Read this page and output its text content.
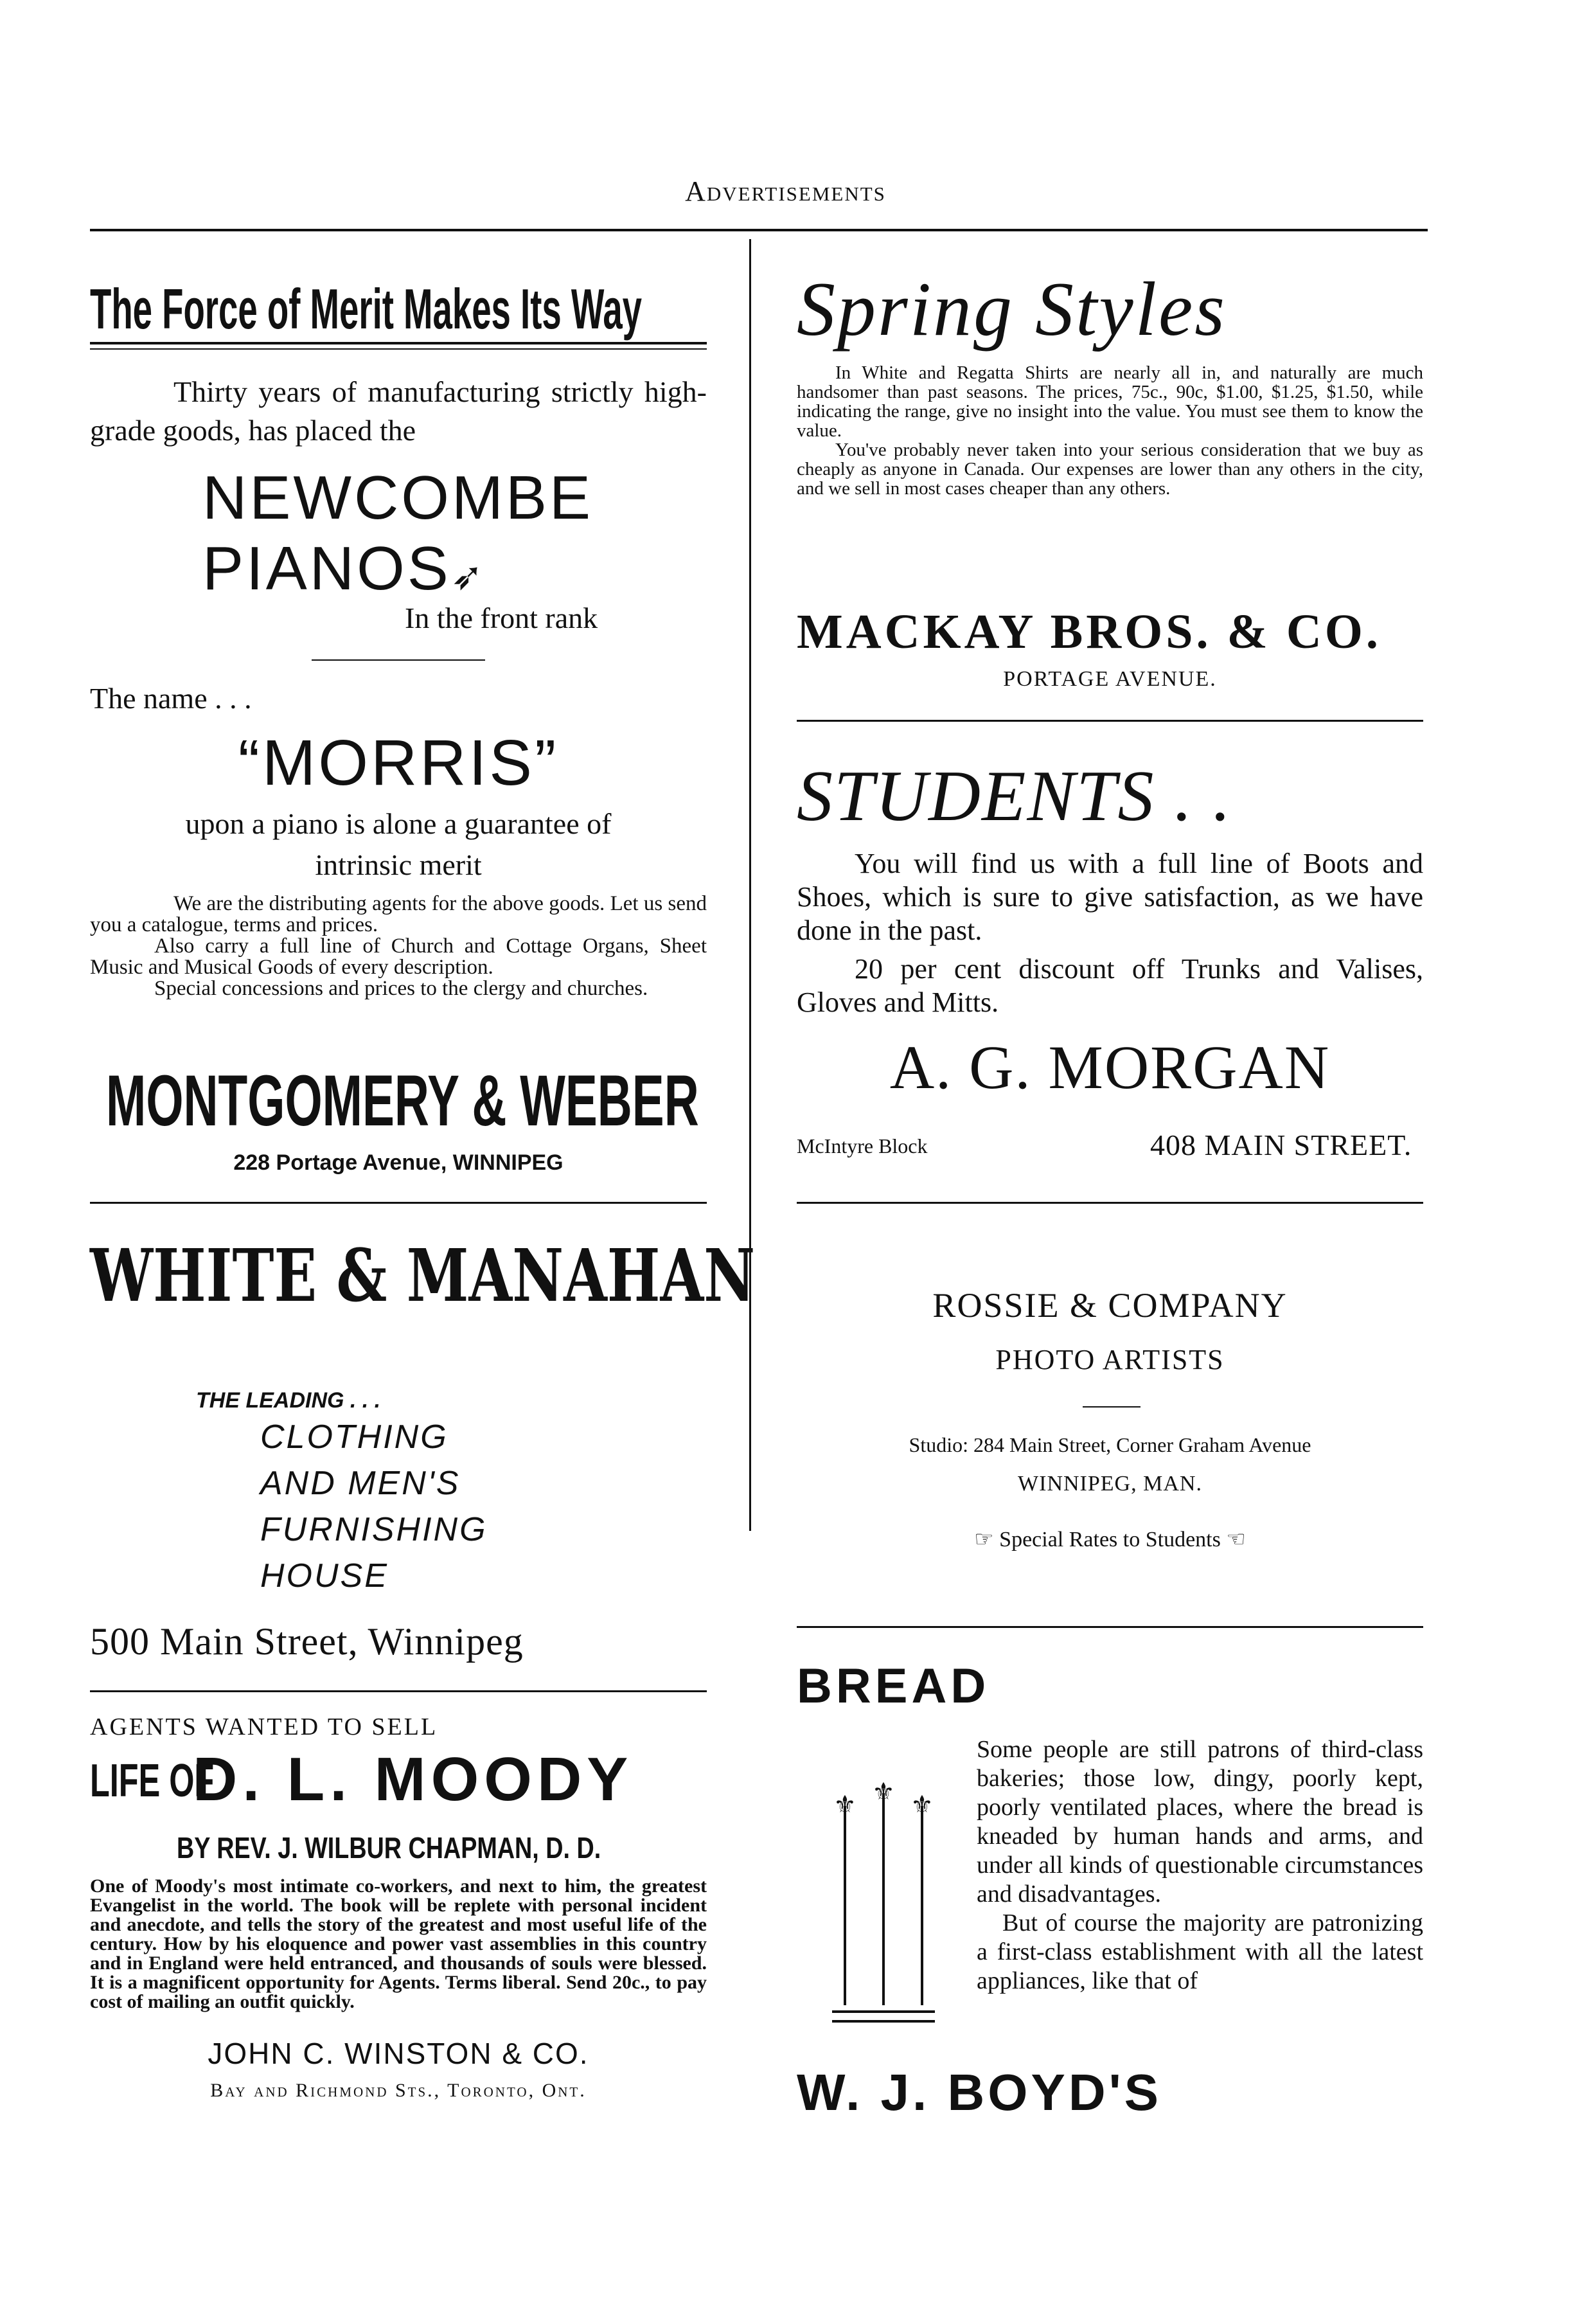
Advertisements
The Force of Merit Makes Its Way

Thirty years of manufacturing strictly high-grade goods, has placed the

NEWCOMBE
PIANOS➶
In the front rank
The name . . .
“MORRIS”

upon a piano is alone a guarantee of intrinsic merit

We are the distributing agents for the above goods. Let us send you a catalogue, terms and prices.

Also carry a full line of Church and Cottage Organs, Sheet Music and Musical Goods of every description.

Special concessions and prices to the clergy and churches.

MONTGOMERY & WEBER
228 Portage Avenue, WINNIPEG
WHITE & MANAHAN
THE LEADING . . .
CLOTHING
AND MEN'S
FURNISHING
HOUSE
500 Main Street, Winnipeg
AGENTS WANTED TO SELL
LIFE OF
D. L. MOODY
BY REV. J. WILBUR CHAPMAN, D. D.

One of Moody's most intimate co-workers, and next to him, the greatest Evangelist in the world. The book will be replete with personal incident and anecdote, and tells the story of the greatest and most useful life of the century. How by his eloquence and power vast assemblies in this country and in England were held entranced, and thousands of souls were blessed. It is a magnificent opportunity for Agents. Terms liberal. Send 20c., to pay cost of mailing an outfit quickly.

JOHN C. WINSTON & CO.
Bay and Richmond Sts., Toronto, Ont.
Spring Styles

In White and Regatta Shirts are nearly all in, and naturally are much handsomer than past seasons. The prices, 75c., 90c, $1.00, $1.25, $1.50, while indicating the range, give no insight into the value. You must see them to know the value.

You've probably never taken into your serious consideration that we buy as cheaply as anyone in Canada. Our expenses are lower than any others in the city, and we sell in most cases cheaper than any others.

MACKAY BROS. & CO.
PORTAGE AVENUE.
STUDENTS . .

You will find us with a full line of Boots and Shoes, which is sure to give satisfaction, as we have done in the past.

20 per cent discount off Trunks and Valises, Gloves and Mitts.

A. G. MORGAN
McIntyre Block	408 MAIN STREET.
ROSSIE & COMPANY
PHOTO ARTISTS
Studio: 284 Main Street, Corner Graham Avenue
WINNIPEG, MAN.
☞ Special Rates to Students ☜
BREAD
⚜ ⚜ ⚜

Some people are still patrons of third-class bakeries; those low, dingy, poorly kept, poorly ventilated places, where the bread is kneaded by human hands and arms, and under all kinds of questionable circumstances and disadvantages.

But of course the majority are patronizing a first-class establishment with all the latest appliances, like that of

W. J. BOYD'S
